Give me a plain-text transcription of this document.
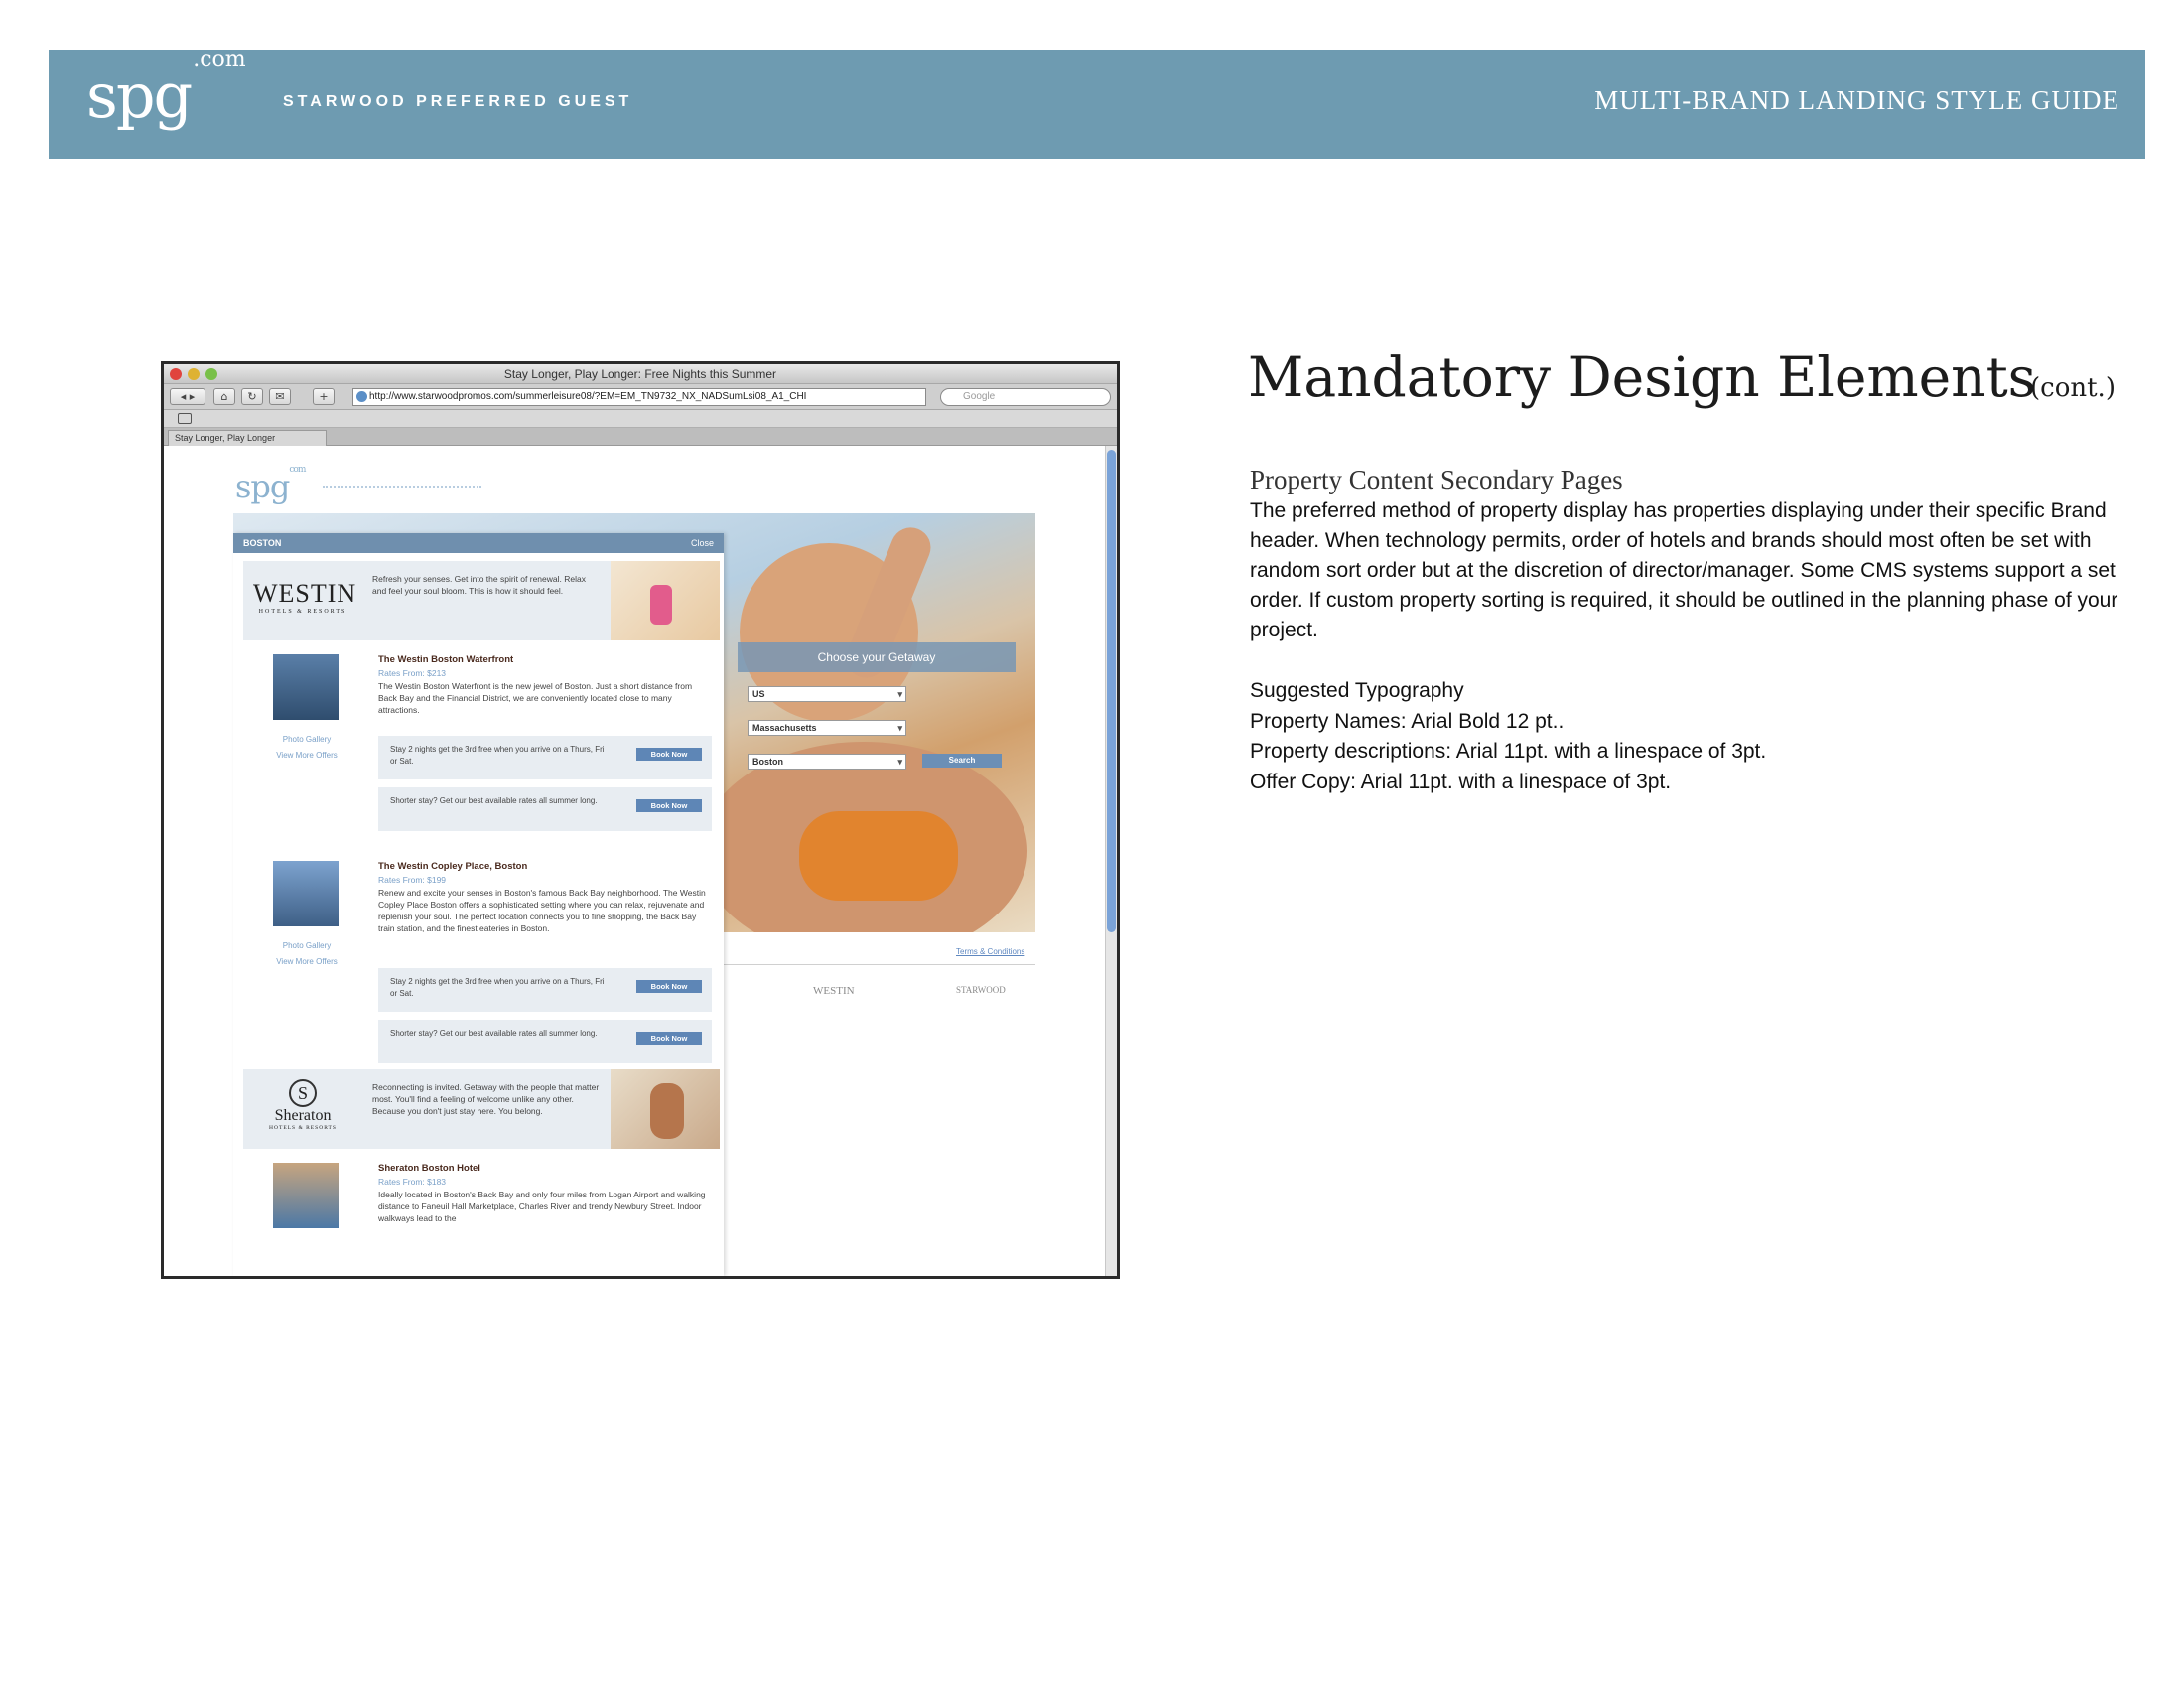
spg$^{.com}$
STARWOOD PREFERRED GUEST	MULTI-BRAND LANDING STYLE GUIDE
Stay Longer, Play Longer: Free Nights this Summer
◂ ▸	⌂	↻	✉	+	http://www.starwoodpromos.com/summerleisure08/?EM=EM_TN9732_NX_NADSumLsi08_A1_CHI	Google
Stay Longer, Play Longer
spg$^{com}$
Choose your Getaway
US ▾
Massachusetts ▾
Boston ▾	Search
Terms & Conditions
WESTIN	STARWOOD
BOSTON	Close
WESTIN
HOTELS & RESORTS
Refresh your senses. Get into the spirit of renewal. Relax and feel your soul bloom. This is how it should feel.
Photo Gallery
View More Offers
The Westin Boston Waterfront
Rates From: $213
The Westin Boston Waterfront is the new jewel of Boston. Just a short distance from Back Bay and the Financial District, we are conveniently located close to many attractions.
Stay 2 nights get the 3rd free when you arrive on a Thurs, Fri or Sat.
Book Now
Shorter stay? Get our best available rates all summer long.
Book Now
Photo Gallery
View More Offers
The Westin Copley Place, Boston
Rates From: $199
Renew and excite your senses in Boston's famous Back Bay neighborhood. The Westin Copley Place Boston offers a sophisticated setting where you can relax, rejuvenate and replenish your soul. The perfect location connects you to fine shopping, the Back Bay train station, and the finest eateries in Boston.
Stay 2 nights get the 3rd free when you arrive on a Thurs, Fri or Sat.
Book Now
Shorter stay? Get our best available rates all summer long.
Book Now
S
Sheraton
HOTELS & RESORTS
Reconnecting is invited. Getaway with the people that matter most. You'll find a feeling of welcome unlike any other. Because you don't just stay here. You belong.
Sheraton Boston Hotel
Rates From: $183
Ideally located in Boston's Back Bay and only four miles from Logan Airport and walking distance to Faneuil Hall Marketplace, Charles River and trendy Newbury Street. Indoor walkways lead to the
Mandatory Design Elements
(cont.)
Property Content Secondary Pages
The preferred method of property display has properties displaying under their specific Brand header. When technology permits, order of hotels and brands should most often be set with random sort order but at the discretion of director/manager. Some CMS systems support a set order. If custom property sorting is required, it should be outlined in the planning phase of your project.
Suggested Typography
Property Names: Arial Bold 12 pt..
Property descriptions: Arial 11pt. with a linespace of 3pt.
Offer Copy: Arial 11pt. with a linespace of 3pt.
